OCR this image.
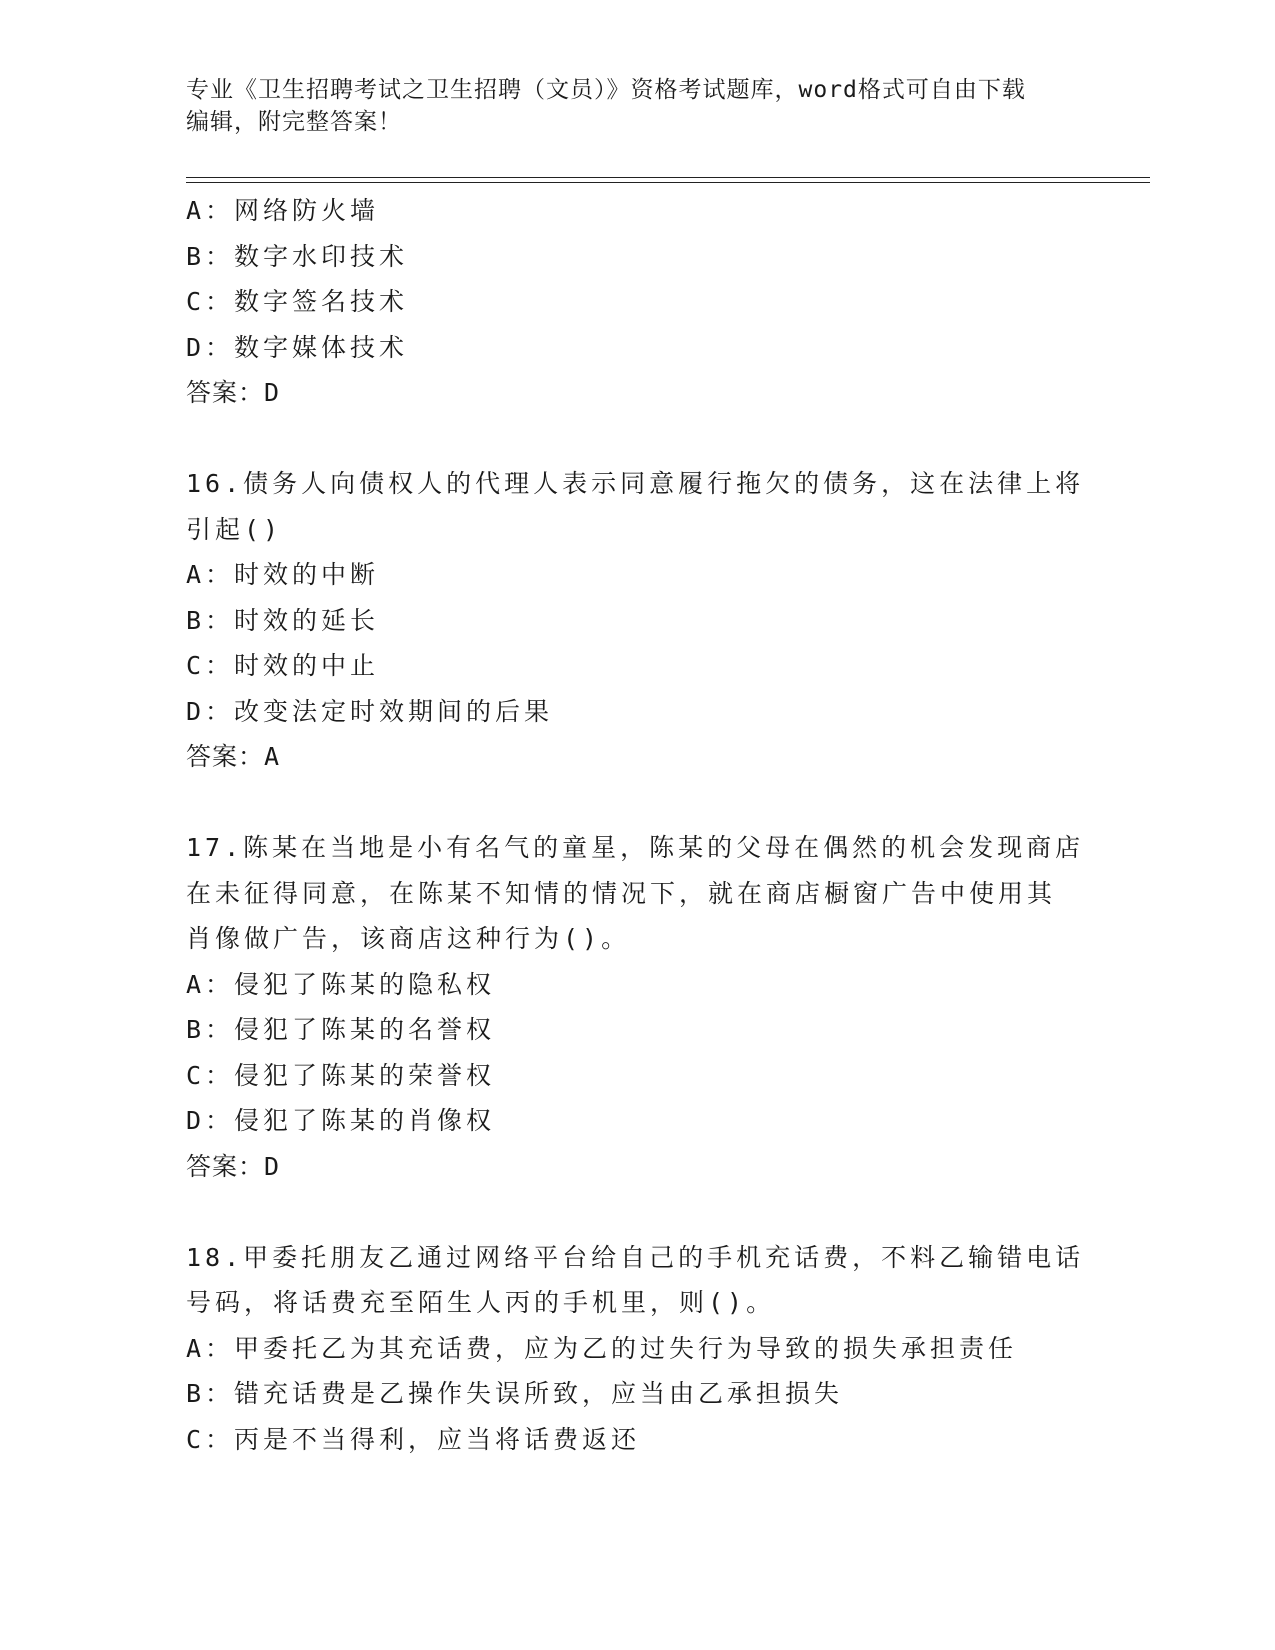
专业《卫生招聘考试之卫生招聘（文员）》资格考试题库，word格式可自由下载
编辑，附完整答案！
A：网络防火墙
B：数字水印技术
C：数字签名技术
D：数字媒体技术
答案：D
16.债务人向债权人的代理人表示同意履行拖欠的债务，这在法律上将
引起()
A：时效的中断
B：时效的延长
C：时效的中止
D：改变法定时效期间的后果
答案：A
17.陈某在当地是小有名气的童星，陈某的父母在偶然的机会发现商店
在未征得同意，在陈某不知情的情况下，就在商店橱窗广告中使用其
肖像做广告，该商店这种行为()。
A：侵犯了陈某的隐私权
B：侵犯了陈某的名誉权
C：侵犯了陈某的荣誉权
D：侵犯了陈某的肖像权
答案：D
18.甲委托朋友乙通过网络平台给自己的手机充话费，不料乙输错电话
号码，将话费充至陌生人丙的手机里，则()。
A：甲委托乙为其充话费，应为乙的过失行为导致的损失承担责任
B：错充话费是乙操作失误所致，应当由乙承担损失
C：丙是不当得利，应当将话费返还
